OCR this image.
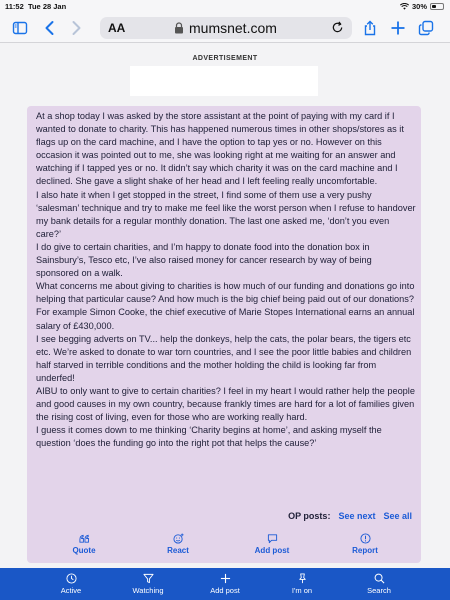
11:52 Tue 28 Jan	30%
AA	mumsnet.com
ADVERTISEMENT

At a shop today I was asked by the store assistant at the point of paying with my card if I wanted to donate to charity. This has happened numerous times in other shops/stores as it flags up on the card machine, and I have the option to tap yes or no. However on this occasion it was pointed out to me, she was looking right at me waiting for an answer and watching if I tapped yes or no. It didn’t say which charity it was on the card machine and I declined. She gave a slight shake of her head and I left feeling really uncomfortable.

I also hate it when I get stopped in the street, I find some of them use a very pushy ‘salesman’ technique and try to make me feel like the worst person when I refuse to handover my bank details for a regular monthly donation. The last one asked me, ‘don’t you even care?’

I do give to certain charities, and I’m happy to donate food into the donation box in Sainsbury’s, Tesco etc, I’ve also raised money for cancer research by way of being sponsored on a walk.

What concerns me about giving to charities is how much of our funding and donations go into helping that particular cause? And how much is the big chief being paid out of our donations? For example Simon Cooke, the chief executive of Marie Stopes International earns an annual salary of £430,000.

I see begging adverts on TV... help the donkeys, help the cats, the polar bears, the tigers etc etc. We’re asked to donate to war torn countries, and I see the poor little babies and children half starved in terrible conditions and the mother holding the child is looking far from underfed!

AIBU to only want to give to certain charities? I feel in my heart I would rather help the people and good causes in my own country, because frankly times are hard for a lot of families given the rising cost of living, even for those who are working really hard.

I guess it comes down to me thinking ‘Charity begins at home’, and asking myself the question ‘does the funding go into the right pot that helps the cause?’

OP posts: See next See all
Quote	React	Add post	Report
Active	Watching	Add post	I'm on	Search
